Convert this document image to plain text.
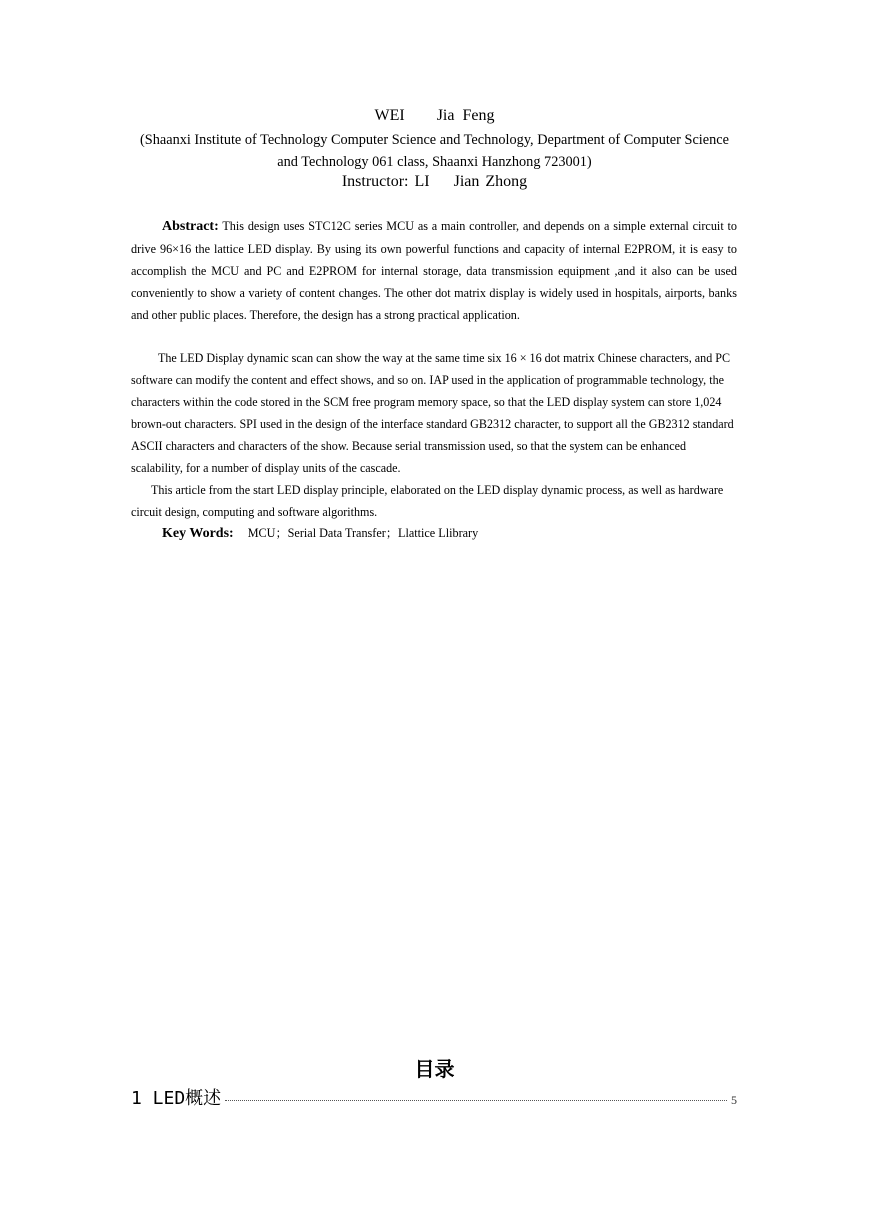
WEI    Jia Feng
(Shaanxi Institute of Technology Computer Science and Technology, Department of Computer Science and Technology 061 class, Shaanxi Hanzhong 723001)
Instructor: LI    Jian Zhong
Abstract: This design uses STC12C series MCU as a main controller, and depends on a simple external circuit to drive 96×16 the lattice LED display. By using its own powerful functions and capacity of internal E2PROM, it is easy to accomplish the MCU and PC and E2PROM for internal storage, data transmission equipment ,and it also can be used conveniently to show a variety of content changes. The other dot matrix display is widely used in hospitals, airports, banks and other public places. Therefore, the design has a strong practical application.
The LED Display dynamic scan can show the way at the same time six 16 × 16 dot matrix Chinese characters, and PC software can modify the content and effect shows, and so on. IAP used in the application of programmable technology, the characters within the code stored in the SCM free program memory space, so that the LED display system can store 1,024 brown-out characters. SPI used in the design of the interface standard GB2312 character, to support all the GB2312 standard ASCII characters and characters of the show. Because serial transmission used, so that the system can be enhanced scalability, for a number of display units of the cascade.
This article from the start LED display principle, elaborated on the LED display dynamic process, as well as hardware circuit design, computing and software algorithms.
Key Words: MCU；Serial Data Transfer；Llattice Llibrary
目录
1 LED概述	5
